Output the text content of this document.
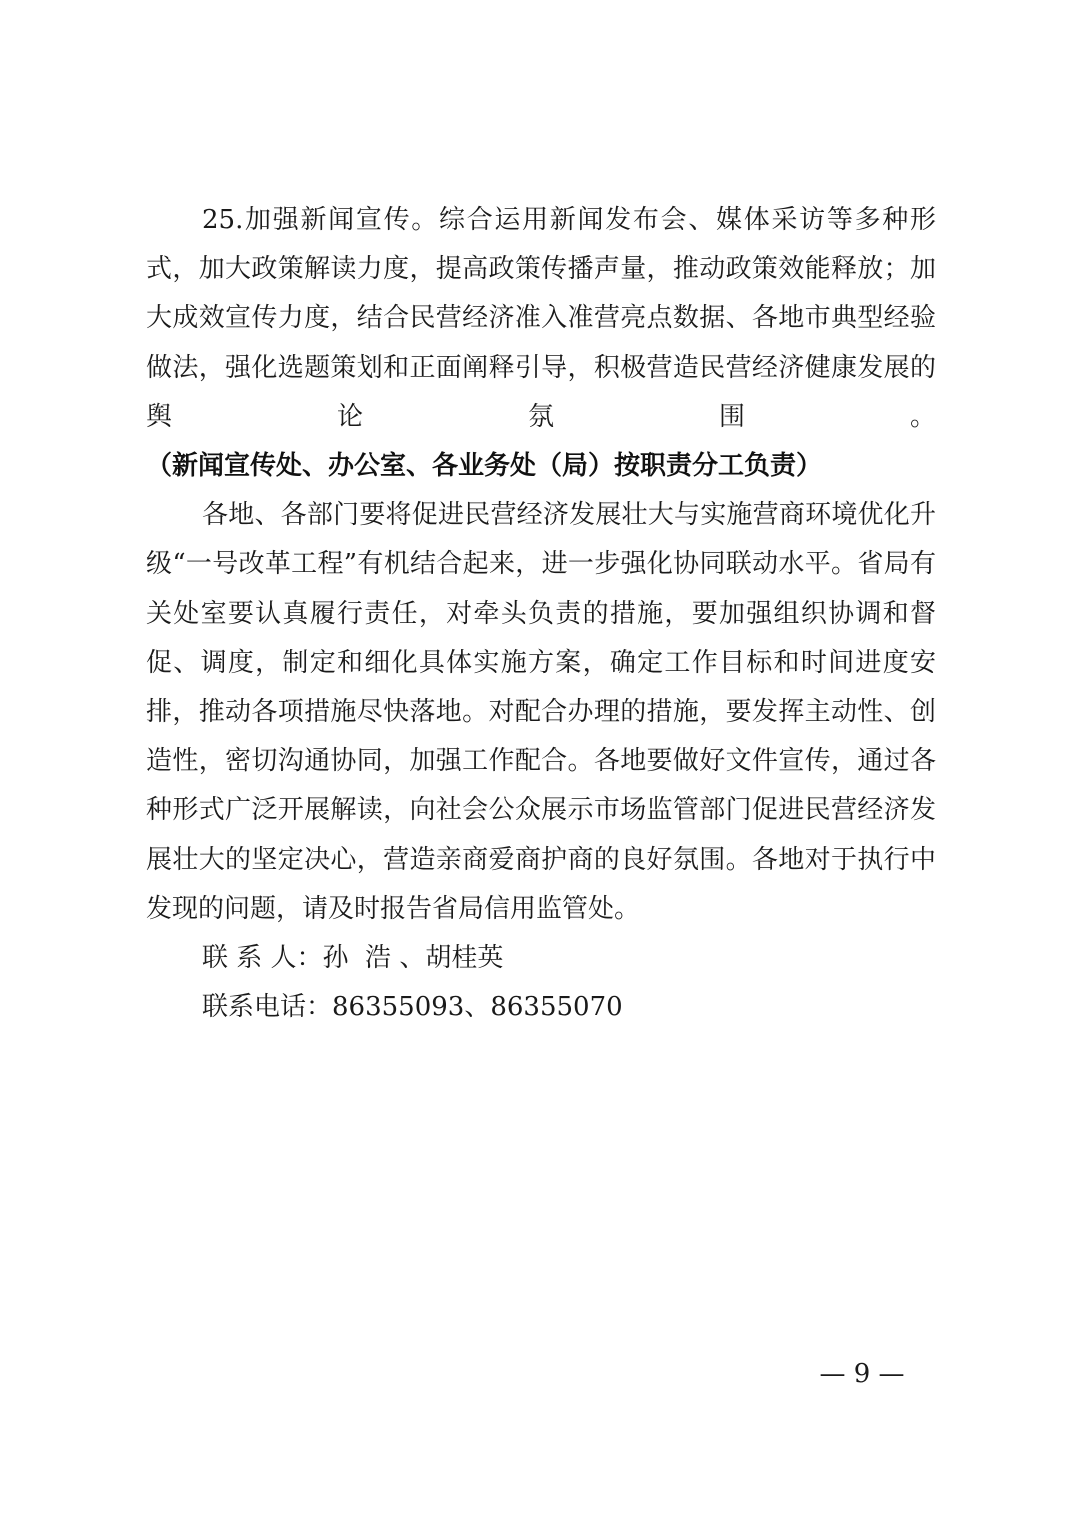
25.加强新闻宣传。综合运用新闻发布会、媒体采访等多种形式，加大政策解读力度，提高政策传播声量，推动政策效能释放；加大成效宣传力度，结合民营经济准入准营亮点数据、各地市典型经验做法，强化选题策划和正面阐释引导，积极营造民营经济健康发展的舆论氛围。（新闻宣传处、办公室、各业务处（局）按职责分工负责）

各地、各部门要将促进民营经济发展壮大与实施营商环境优化升级“一号改革工程”有机结合起来，进一步强化协同联动水平。省局有关处室要认真履行责任，对牵头负责的措施，要加强组织协调和督促、调度，制定和细化具体实施方案，确定工作目标和时间进度安排，推动各项措施尽快落地。对配合办理的措施，要发挥主动性、创造性，密切沟通协同，加强工作配合。各地要做好文件宣传，通过各种形式广泛开展解读，向社会公众展示市场监管部门促进民营经济发展壮大的坚定决心，营造亲商爱商护商的良好氛围。各地对于执行中发现的问题，请及时报告省局信用监管处。

联 系 人：孙  浩 、胡桂英

联系电话：86355093、86355070

— 9 —
